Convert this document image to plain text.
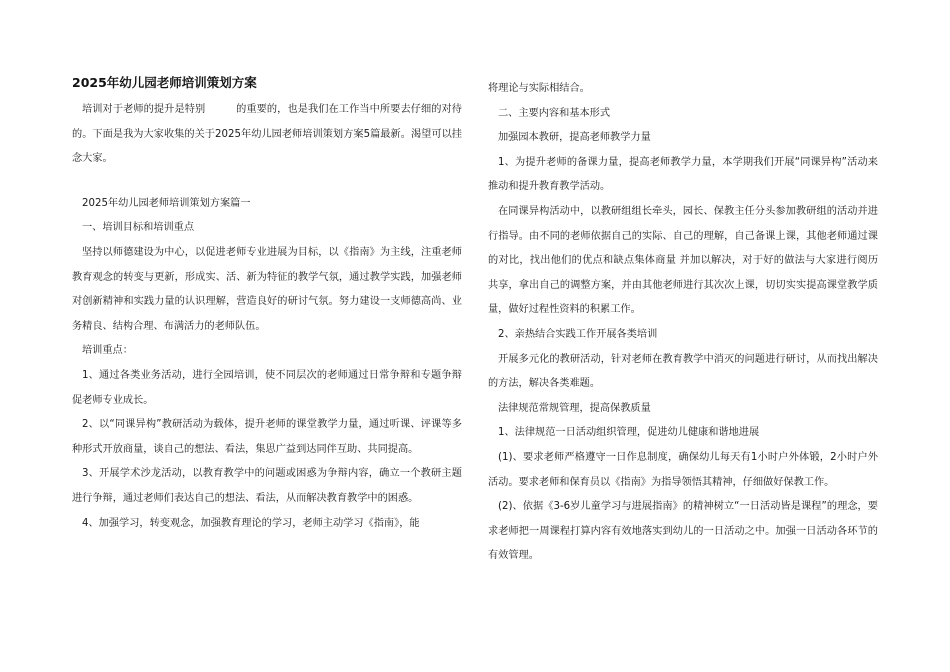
2025年幼儿园老师培训策划方案

培训对于老师的提升是特别　　　的重要的，也是我们在工作当中所要去仔细的对待的。下面是我为大家收集的关于2025年幼儿园老师培训策划方案5篇最新。渴望可以挂念大家。

2025年幼儿园老师培训策划方案篇一

一、培训目标和培训重点

坚持以师德建设为中心，以促进老师专业进展为目标，以《指南》为主线，注重老师教育观念的转变与更新，形成实、活、新为特征的教学气氛，通过教学实践，加强老师对创新精神和实践力量的认识理解，营造良好的研讨气氛。努力建设一支师德高尚、业务精良、结构合理、布满活力的老师队伍。

培训重点：

1、通过各类业务活动，进行全园培训，使不同层次的老师通过日常争辩和专题争辩促老师专业成长。

2、以“同课异构”教研活动为载体，提升老师的课堂教学力量，通过听课、评课等多种形式开放商量，谈自己的想法、看法，集思广益到达同伴互助、共同提高。

3、开展学术沙龙活动，以教育教学中的问题或困惑为争辩内容，确立一个教研主题进行争辩，通过老师们表达自己的想法、看法，从而解决教育教学中的困惑。

4、加强学习，转变观念，加强教育理论的学习，老师主动学习《指南》，能

将理论与实际相结合。

二、主要内容和基本形式

加强园本教研，提高老师教学力量

1、为提升老师的备课力量，提高老师教学力量，本学期我们开展“同课异构”活动来推动和提升教育教学活动。

在同课异构活动中，以教研组组长牵头，园长、保教主任分头参加教研组的活动并进行指导。由不同的老师依据自己的实际、自己的理解，自己备课上课，其他老师通过课的对比，找出他们的优点和缺点集体商量 并加以解决，对于好的做法与大家进行阅历共享，拿出自己的调整方案，并由其他老师进行其次次上课，切切实实提高课堂教学质量，做好过程性资料的积累工作。

2、亲热结合实践工作开展各类培训

开展多元化的教研活动，针对老师在教育教学中消灭的问题进行研讨，从而找出解决的方法，解决各类难题。

法律规范常规管理，提高保教质量

1、法律规范一日活动组织管理，促进幼儿健康和谐地进展

(1)、要求老师严格遵守一日作息制度，确保幼儿每天有1小时户外体锻，2小时户外活动。要求老师和保育员以《指南》为指导领悟其精神，仔细做好保教工作。

(2)、依据《3-6岁儿童学习与进展指南》的精神树立“一日活动皆是课程”的理念，要求老师把一周课程打算内容有效地落实到幼儿的一日活动之中。加强一日活动各环节的有效管理。
